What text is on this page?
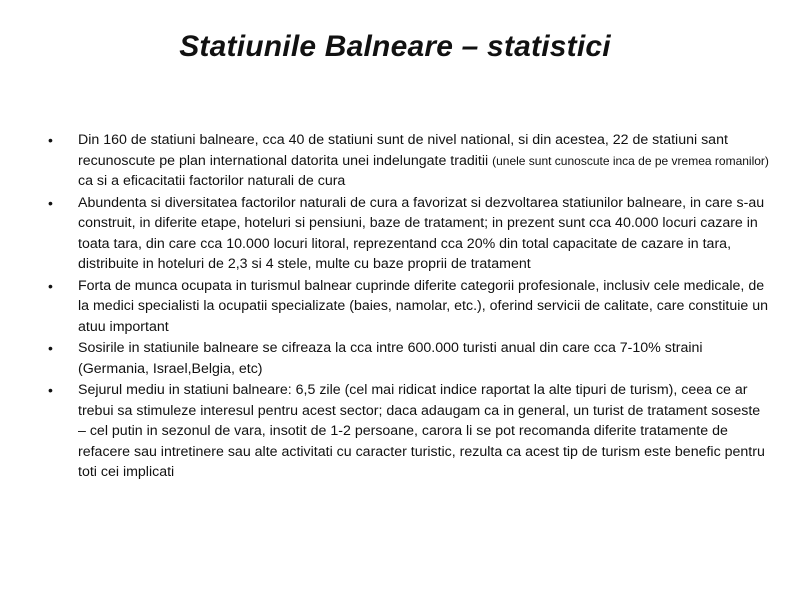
Statiunile Balneare – statistici
• Din 160 de statiuni balneare, cca 40 de statiuni sunt de nivel national, si din acestea, 22 de statiuni sant recunoscute pe plan international datorita unei indelungate traditii (unele sunt cunoscute inca de pe vremea romanilor) ca si a eficacitatii factorilor naturali de cura
• Abundenta si diversitatea factorilor naturali de cura a favorizat si dezvoltarea statiunilor balneare, in care s-au construit, in diferite etape, hoteluri si pensiuni, baze de tratament; in prezent sunt cca 40.000 locuri cazare in toata tara, din care cca 10.000 locuri litoral, reprezentand cca 20% din total capacitate de cazare in tara, distribuite in hoteluri de 2,3 si 4 stele, multe cu baze proprii de tratament
• Forta de munca ocupata in turismul balnear cuprinde diferite categorii profesionale, inclusiv cele medicale, de la medici specialisti la ocupatii specializate (baies, namolar, etc.), oferind servicii de calitate, care constituie un atuu important
• Sosirile in statiunile balneare se cifreaza la cca intre 600.000 turisti anual din care cca 7-10% straini (Germania, Israel,Belgia, etc)
• Sejurul mediu in statiuni balneare: 6,5 zile (cel mai ridicat indice raportat la alte tipuri de turism), ceea ce ar trebui sa stimuleze interesul pentru acest sector; daca adaugam ca in general, un turist de tratament soseste – cel putin in sezonul de vara, insotit de 1-2 persoane, carora li se pot recomanda diferite tratamente de refacere sau intretinere sau alte activitati cu caracter turistic, rezulta ca acest tip de turism este benefic pentru toti cei implicati
